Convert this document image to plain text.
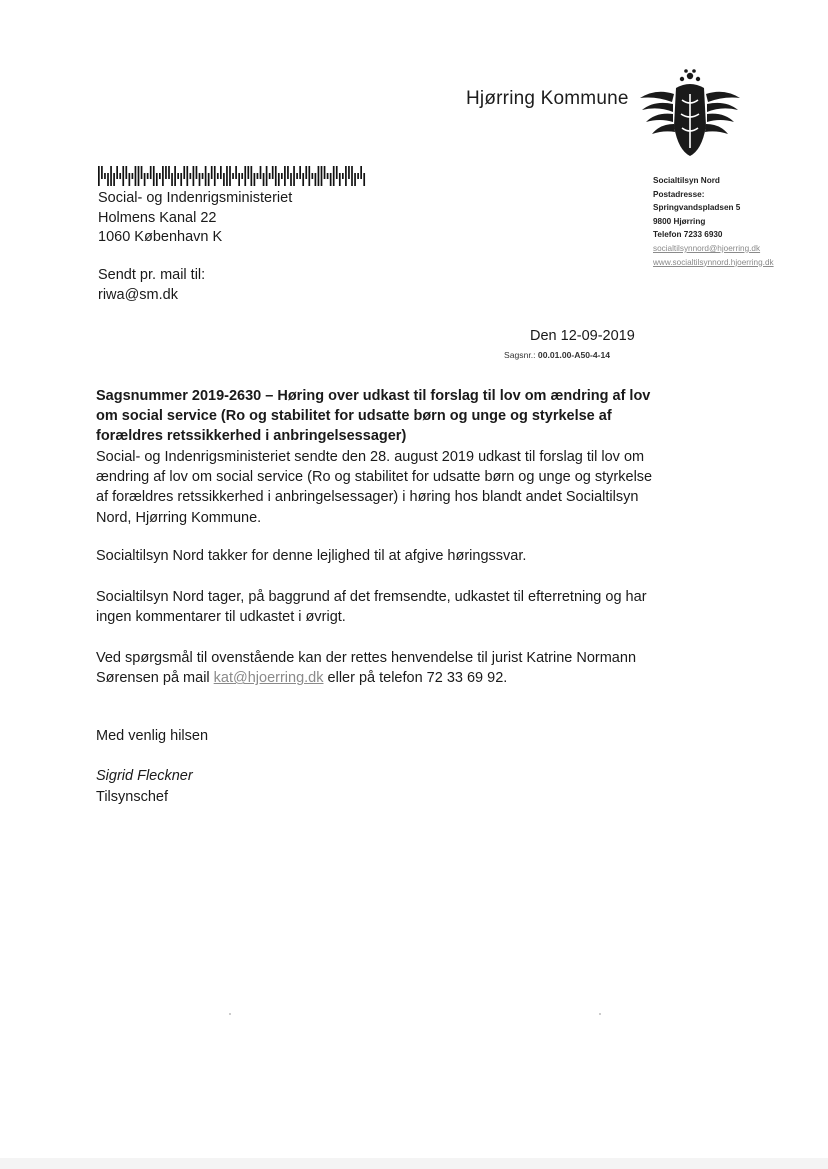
Hjørring Kommune
Social- og Indenrigsministeriet
Holmens Kanal 22
1060 København K
Sendt pr. mail til:
riwa@sm.dk
Socialtilsyn Nord
Postadresse:
Springvandspladsen 5
9800 Hjørring
Telefon 7233 6930
socialtilsynnord@hjoerring.dk
www.socialtilsynnord.hjoerring.dk
Den 12-09-2019
Sagsnr.: 00.01.00-A50-4-14
Sagsnummer 2019-2630 – Høring over udkast til forslag til lov om ændring af lov om social service (Ro og stabilitet for udsatte børn og unge og styrkelse af forældres retssikkerhed i anbringelsessager)
Social- og Indenrigsministeriet sendte den 28. august 2019 udkast til forslag til lov om ændring af lov om social service (Ro og stabilitet for udsatte børn og unge og styrkelse af forældres retssikkerhed i anbringelsessager) i høring hos blandt andet Socialtilsyn Nord, Hjørring Kommune.
Socialtilsyn Nord takker for denne lejlighed til at afgive høringssvar.
Socialtilsyn Nord tager, på baggrund af det fremsendte, udkastet til efterretning og har ingen kommentarer til udkastet i øvrigt.
Ved spørgsmål til ovenstående kan der rettes henvendelse til jurist Katrine Normann Sørensen på mail kat@hjoerring.dk eller på telefon 72 33 69 92.
Med venlig hilsen
Sigrid Fleckner
Tilsynschef
